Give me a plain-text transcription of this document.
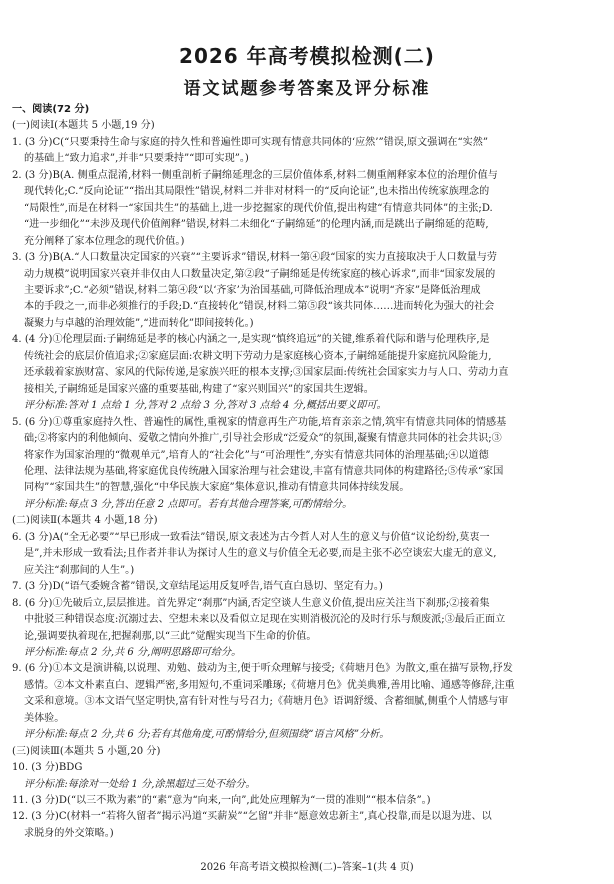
2026 年高考模拟检测(二)
语文试题参考答案及评分标准
一、阅读(72 分)
(一)阅读Ⅰ(本题共 5 小题,19 分)
1. (3 分)C(“只要秉持生命与家庭的持久性和普遍性即可实现有情意共同体的‘应然’”错误,原文强调在“实然”
的基础上“致力追求”,并非“只要秉持”“即可实现”。)
2. (3 分)B(A. 侧重点混淆,材料一侧重剖析子嗣绵延理念的三层价值体系,材料二侧重阐释家本位的治理价值与
现代转化;C.“反向论证”“指出其局限性”错误,材料二并非对材料一的“反向论证”,也未指出传统家族理念的
“局限性”,而是在材料一“家国共生”的基础上,进一步挖掘家的现代价值,提出构建“有情意共同体”的主张;D.
“进一步细化”“未涉及现代价值阐释”错误,材料二未细化“子嗣绵延”的伦理内涵,而是跳出子嗣绵延的范畴,
充分阐释了家本位理念的现代价值。)
3. (3 分)B(A.“人口数量决定国家的兴衰”“主要诉求”错误,材料一第④段“国家的实力直接取决于人口数量与劳
动力规模”说明国家兴衰并非仅由人口数量决定,第②段“子嗣绵延是传统家庭的核心诉求”,而非“国家发展的
主要诉求”;C.“必须”错误,材料二第④段“以‘齐家’为治国基础,可降低治理成本”说明“齐家”是降低治理成
本的手段之一,而非必须推行的手段;D.“直接转化”错误,材料二第⑤段“该共同体……进而转化为强大的社会
凝聚力与卓越的治理效能”,“进而转化”即间接转化。)
4. (4 分)①伦理层面:子嗣绵延是孝的核心内涵之一,是实现“慎终追远”的关键,维系着代际和谐与伦理秩序,是
传统社会的底层价值追求;②家庭层面:农耕文明下劳动力是家庭核心资本,子嗣绵延能提升家庭抗风险能力,
还承载着家族财富、家风的代际传递,是家族兴旺的根本支撑;③国家层面:传统社会国家实力与人口、劳动力直
接相关,子嗣绵延是国家兴盛的重要基础,构建了“家兴则国兴”的家国共生逻辑。
评分标准:答对 1 点给 1 分,答对 2 点给 3 分,答对 3 点给 4 分,概括出要义即可。
5. (6 分)①尊重家庭持久性、普遍性的属性,重视家的情意再生产功能,培育亲亲之情,筑牢有情意共同体的情感基
础;②将家内的利他倾向、爱敬之情向外推广,引导社会形成“泛爱众”的氛围,凝聚有情意共同体的社会共识;③
将家作为国家治理的“微观单元”,培育人的“社会化”与“可治理性”,夯实有情意共同体的治理基础;④以道德
伦理、法律法规为基础,将家庭优良传统融入国家治理与社会建设,丰富有情意共同体的构建路径;⑤传承“家国
同构”“家国共生”的智慧,强化“中华民族大家庭”集体意识,推动有情意共同体持续发展。
评分标准:每点 3 分,答出任意 2 点即可。若有其他合理答案,可酌情给分。
(二)阅读Ⅱ(本题共 4 小题,18 分)
6. (3 分)A(“全无必要”“早已形成一致看法”错误,原文表述为古今哲人对人生的意义与价值“议论纷纷,莫衷一
是”,并未形成一致看法;且作者并非认为探讨人生的意义与价值全无必要,而是主张不必空谈宏大虚无的意义,
应关注“刹那间的人生”。)
7. (3 分)D(“语气委婉含蓄”错误,文章结尾运用反复呼告,语气直白恳切、坚定有力。)
8. (6 分)①先破后立,层层推进。首先界定“刹那”内涵,否定空谈人生意义价值,提出应关注当下刹那;②接着集
中批驳三种错误态度:沉溺过去、空想未来以及看似立足现在实则消极沉沦的及时行乐与颓废派;③最后正面立
论,强调要执着现在,把握刹那,以“三此”觉醒实现当下生命的价值。
评分标准:每点 2 分,共 6 分,阐明思路即可给分。
9. (6 分)①本文是演讲稿,以说理、劝勉、鼓动为主,便于听众理解与接受;《荷塘月色》为散文,重在描写景物,抒发
感情。②本文朴素直白、逻辑严密,多用短句,不重词采雕琢;《荷塘月色》优美典雅,善用比喻、通感等修辞,注重
文采和意境。③本文语气坚定明快,富有针对性与号召力;《荷塘月色》语调舒缓、含蓄细腻,侧重个人情感与审
美体验。
评分标准:每点 2 分,共 6 分;若有其他角度,可酌情给分,但须围绕“语言风格”分析。
(三)阅读Ⅲ(本题共 5 小题,20 分)
10. (3 分)BDG
评分标准:每涂对一处给 1 分,涂黑超过三处不给分。
11. (3 分)D(“以三不欺为素”的“素”意为“向来,一向”,此处应理解为“一贯的准则”“根本信条”。)
12. (3 分)C(材料一“若将久留者”揭示冯道“买薪炭”“乞留”并非“愿意效忠新主”,真心投靠,而是以退为进、以
求脱身的外交策略。)
2026 年高考语文模拟检测(二)–答案–1(共 4 页)
